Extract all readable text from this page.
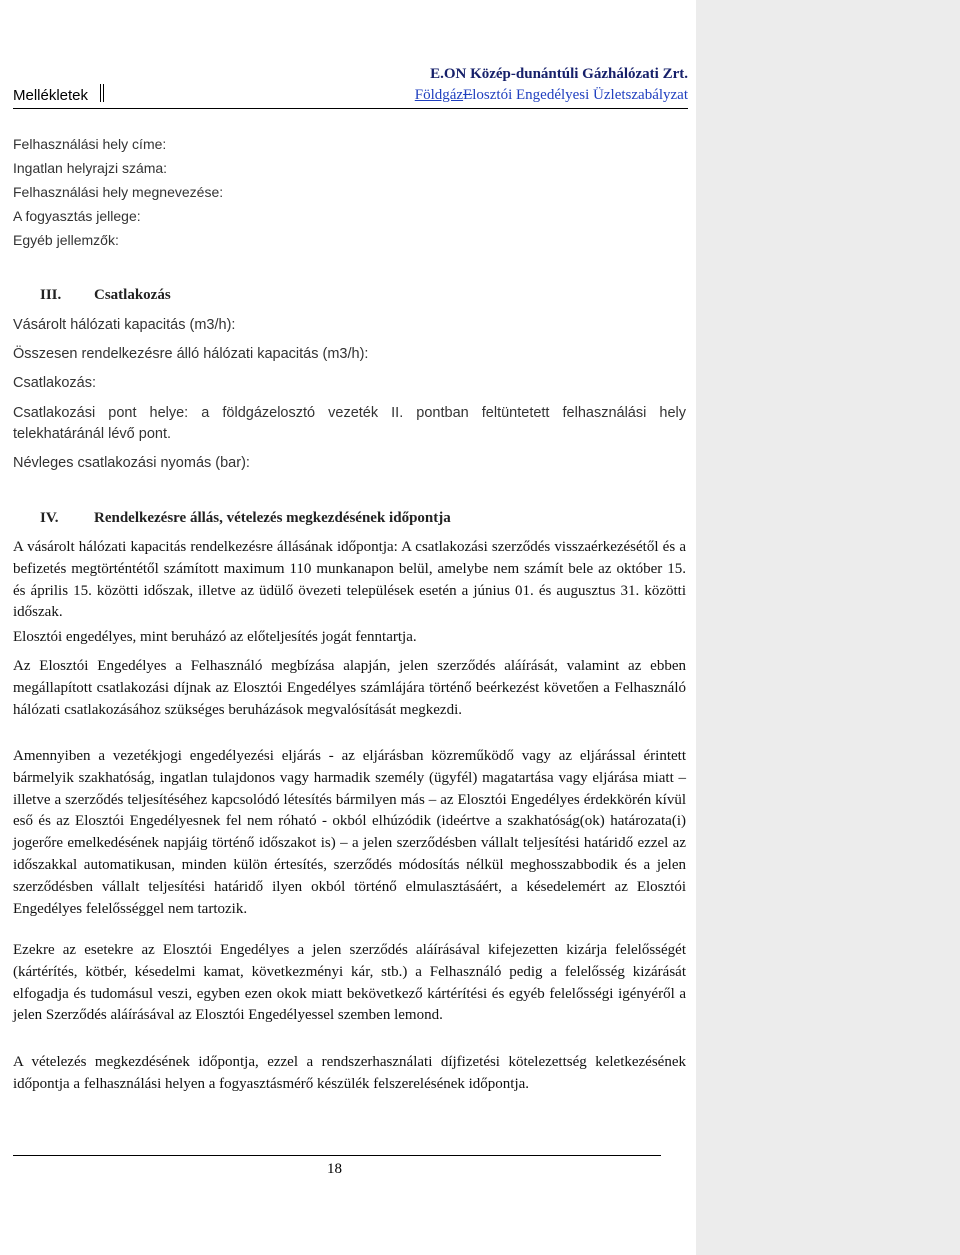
Mellékletek
E.ON Közép-dunántúli Gázhálózati Zrt.
FöldgázElosztói Engedélyesi Üzletszabályzat
Felhasználási hely címe:
Ingatlan helyrajzi száma:
Felhasználási hely megnevezése:
A fogyasztás jellege:
Egyéb jellemzők:
III. Csatlakozás
Vásárolt hálózati kapacitás (m3/h):
Összesen rendelkezésre álló hálózati kapacitás (m3/h):
Csatlakozás:
Csatlakozási pont helye: a földgázelosztó vezeték II. pontban feltüntetett felhasználási hely telekhatáránál lévő pont.
Névleges csatlakozási nyomás (bar):
IV. Rendelkezésre állás, vételezés megkezdésének időpontja
A vásárolt hálózati kapacitás rendelkezésre állásának időpontja: A csatlakozási szerződés visszaérkezésétől és a befizetés megtörténtétől számított maximum 110 munkanapon belül, amelybe nem számít bele az október 15. és április 15. közötti időszak, illetve az üdülő övezeti települések esetén a június 01. és augusztus 31. közötti időszak.
Elosztói engedélyes, mint beruházó az előteljesítés jogát fenntartja.
Az Elosztói Engedélyes a Felhasználó megbízása alapján, jelen szerződés aláírását, valamint az ebben megállapított csatlakozási díjnak az Elosztói Engedélyes számlájára történő beérkezést követően a Felhasználó hálózati csatlakozásához szükséges beruházások megvalósítását megkezdi.
Amennyiben a vezetékjogi engedélyezési eljárás - az eljárásban közreműködő vagy az eljárással érintett bármelyik szakhatóság, ingatlan tulajdonos vagy harmadik személy (ügyfél) magatartása vagy eljárása miatt – illetve a szerződés teljesítéséhez kapcsolódó létesítés bármilyen más – az Elosztói Engedélyes érdekkörén kívül eső és az Elosztói Engedélyesnek fel nem róható - okból elhúzódik (ideértve a szakhatóság(ok) határozata(i) jogerőre emelkedésének napjáig történő időszakot is) – a jelen szerződésben vállalt teljesítési határidő ezzel az időszakkal automatikusan, minden külön értesítés, szerződés módosítás nélkül meghosszabbodik és a jelen szerződésben vállalt teljesítési határidő ilyen okból történő elmulasztásáért, a késedelemért az Elosztói Engedélyes felelősséggel nem tartozik.
Ezekre az esetekre az Elosztói Engedélyes a jelen szerződés aláírásával kifejezetten kizárja felelősségét (kártérítés, kötbér, késedelmi kamat, következményi kár, stb.) a Felhasználó pedig a felelősség kizárását elfogadja és tudomásul veszi, egyben ezen okok miatt bekövetkező kártérítési és egyéb felelősségi igényéről a jelen Szerződés aláírásával az Elosztói Engedélyessel szemben lemond.
A vételezés megkezdésének időpontja, ezzel a rendszerhasználati díjfizetési kötelezettség keletkezésének időpontja a felhasználási helyen a fogyasztásmérő készülék felszerelésének időpontja.
18
